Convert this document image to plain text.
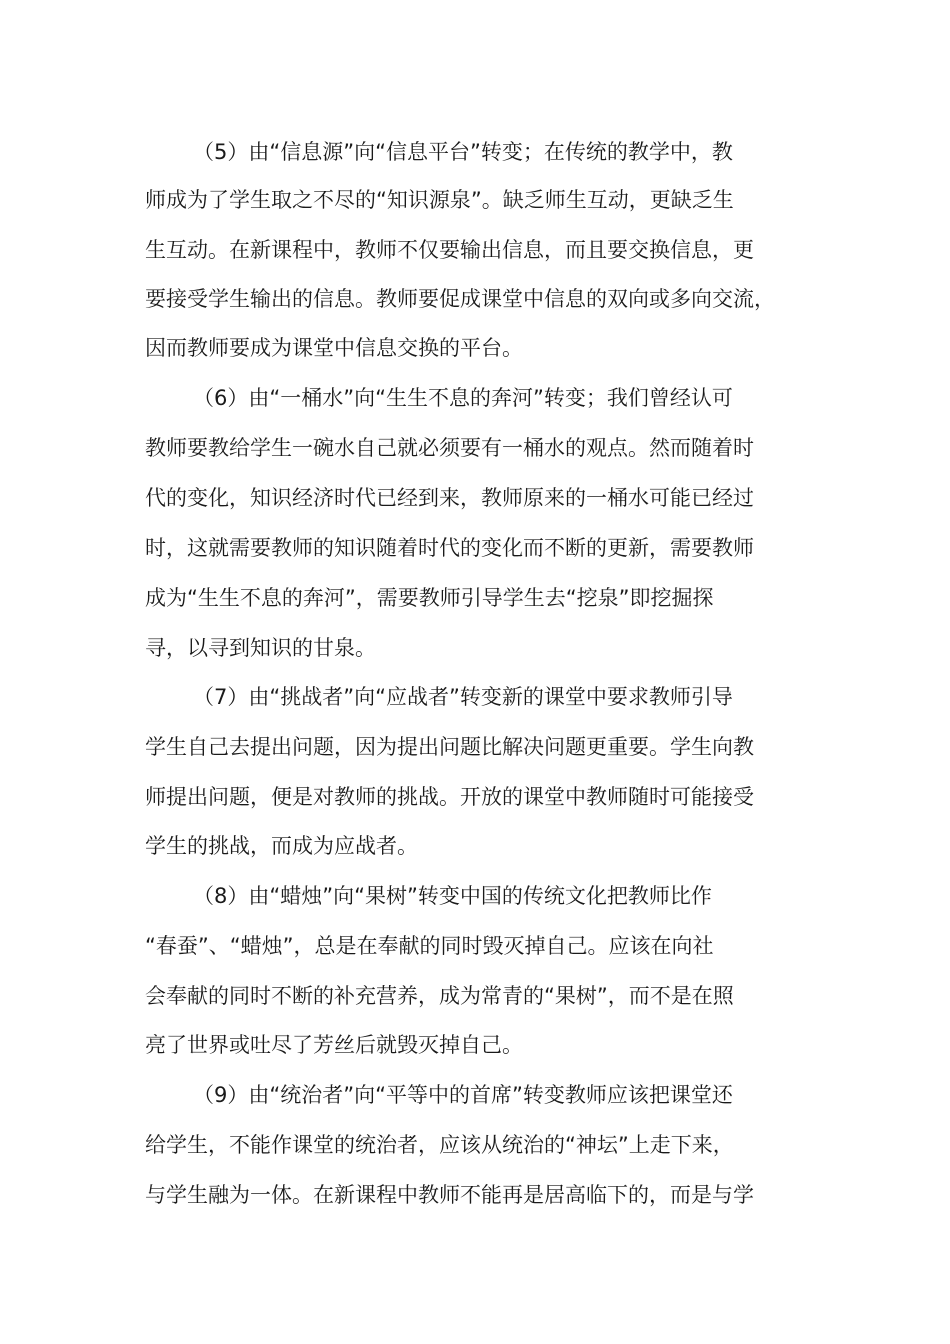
（5）由“信息源”向“信息平台”转变；在传统的教学中，教

师成为了学生取之不尽的“知识源泉”。缺乏师生互动，更缺乏生

生互动。在新课程中，教师不仅要输出信息，而且要交换信息，更

要接受学生输出的信息。教师要促成课堂中信息的双向或多向交流，

因而教师要成为课堂中信息交换的平台。

（6）由“一桶水”向“生生不息的奔河”转变；我们曾经认可

教师要教给学生一碗水自己就必须要有一桶水的观点。然而随着时

代的变化，知识经济时代已经到来，教师原来的一桶水可能已经过

时，这就需要教师的知识随着时代的变化而不断的更新，需要教师

成为“生生不息的奔河”，需要教师引导学生去“挖泉”即挖掘探

寻，以寻到知识的甘泉。

（7）由“挑战者”向“应战者”转变新的课堂中要求教师引导

学生自己去提出问题，因为提出问题比解决问题更重要。学生向教

师提出问题，便是对教师的挑战。开放的课堂中教师随时可能接受

学生的挑战，而成为应战者。

（8）由“蜡烛”向“果树”转变中国的传统文化把教师比作

“春蚕”、“蜡烛”，总是在奉献的同时毁灭掉自己。应该在向社

会奉献的同时不断的补充营养，成为常青的“果树”，而不是在照

亮了世界或吐尽了芳丝后就毁灭掉自己。

（9）由“统治者”向“平等中的首席”转变教师应该把课堂还

给学生，不能作课堂的统治者，应该从统治的“神坛”上走下来，

与学生融为一体。在新课程中教师不能再是居高临下的，而是与学
